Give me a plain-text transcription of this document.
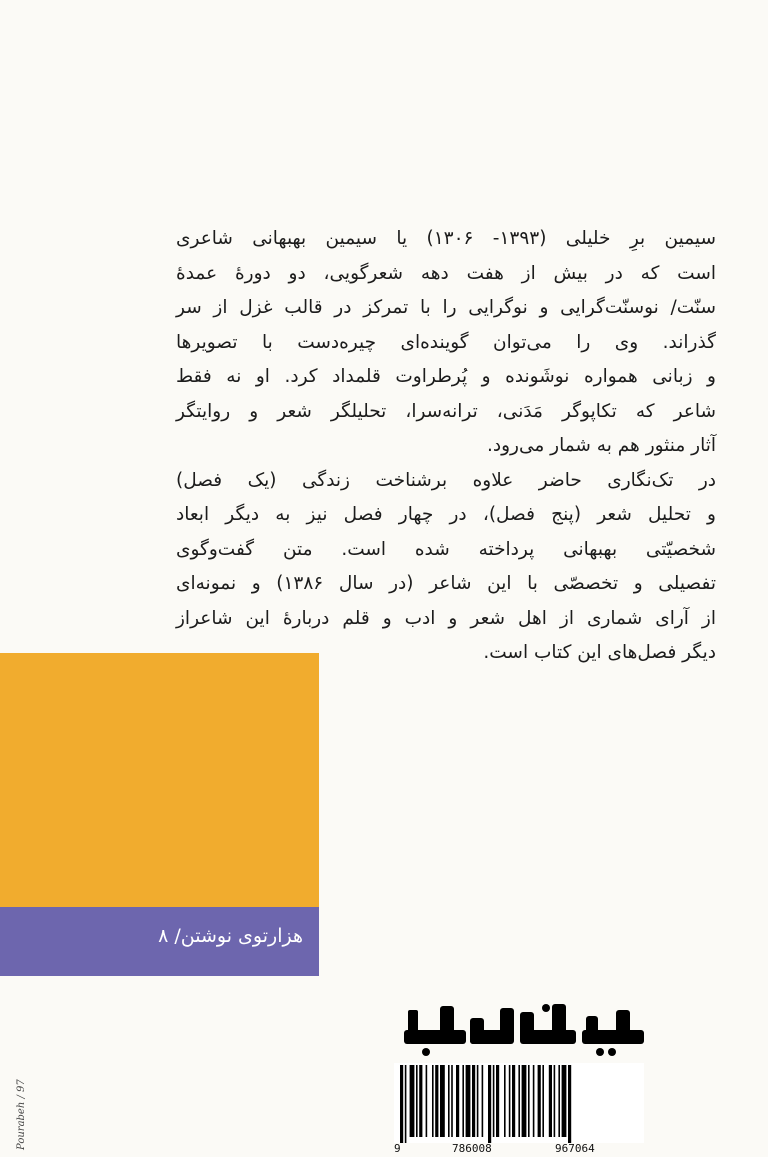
سیمین برِ خلیلی (۱۳۹۳- ۱۳۰۶) یا سیمین بهبهانی شاعری
است که در بیش از هفت دهه شعرگویی، دو دورهٔ عمدهٔ
سنّت/ نوسنّت‌گرایی و نوگرایی را با تمرکز در قالب غزل از سر
گذراند. وی را می‌توان گوینده‌ای چیره‌دست با تصویرها
و زبانی همواره نوشَونده و پُرطراوت قلمداد کرد. او نه فقط
شاعر که تکاپوگر مَدَنی، ترانه‌سرا، تحلیلگر شعر و روایتگر
آثار منثور هم به شمار می‌رود.
در تک‌نگاری حاضر علاوه برشناخت زندگی (یک فصل)
و تحلیل شعر (پنج فصل)، در چهار فصل نیز به دیگر ابعاد
شخصیّتی بهبهانی پرداخته شده است. متن گفت‌وگوی
تفصیلی و تخصصّی با این شاعر (در سال ۱۳۸۶) و نمونه‌ای
از آرای شماری از اهل شعر و ادب و قلم دربارهٔ این شاعراز
دیگر فصل‌های این کتاب است.
هزارتوی نوشتن/ ۸
9	786008	967064
Pourabeh / 97
